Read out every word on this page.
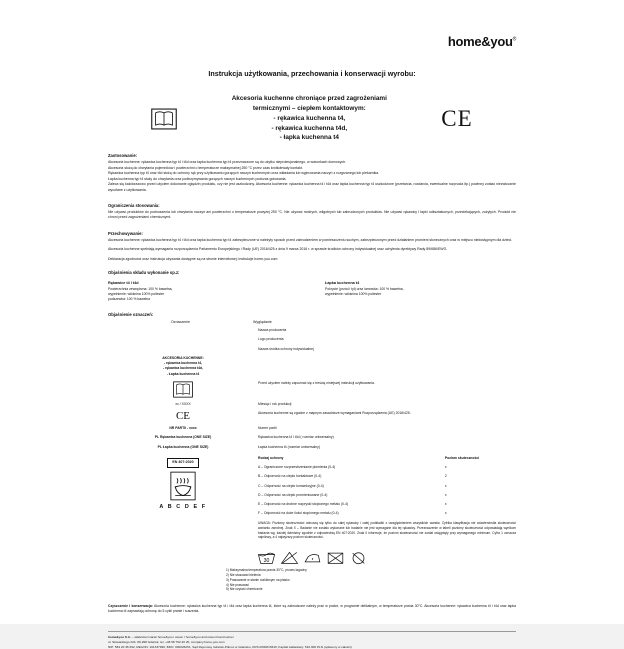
home&you®
Instrukcja użytkowania, przechowania i konserwacji wyrobu:
Akcesoria kuchenne chroniące przed zagrożeniami
termicznymi – ciepłem kontaktowym:
- rękawica kuchenna t4,
- rękawica kuchenna t4d,
- łapka kuchenna t4
CE
Zastosowanie:
Akcesoria kuchenne: rękawica kuchenna typ t4 i t4d oraz łapka kuchenna typ t4 przeznaczone są do użytku nieprołesjonalnego, w warunkach domowych.
Akcesoria służą do chwytania pojemników i powierzchni o temperaturze maksymalnej 250 °C przez czas krótkotrwały kontakt.
Rękawica kuchenna typ t4 oraz t4d służą do ochrony rąk przy użytkowaniu gorących naczyń kuchennych oraz wkładania lub wyjmowania naczyń z rozgrzanego lub piekarnika.
Łapka kuchenna typ t4 służy do chwytania oraz podtrzymywania gorących naczyń kuchennych podczas gotowania.
Zaleca się każdorazowo przed użyciem dokonanie oględzin produktu, czy nie jest uszkodzony. Akcesoria kuchenne: rękawica kuchenna t4 i t4d oraz łapka kuchenna typ t4 uszkodzone (przetarcia, rozdarcia, ewentualne rozprucia itp.) powinny zostać niezwłocznie wycofane z użytkowania.
Ograniczenia stosowania:
Nie używać produktów do podnoszenia lub chwytania naczyń ani powierzchni o temperaturze powyżej 250 °C. Nie używać mokrych, wilgotnych lub zabrudzonych produktów. Nie używać rękawicy i łapki odkształconych, przeciekających, zużytych. Produkt nie chroni przed zagrożeniami chemicznymi.
Przechowywanie:
Akcesoria kuchenne: rękawica kuchenna typ t4 i t4d oraz łapka kuchenna typ t4 zabezpieczone w należyty sposob przed zabrudzeniem w pomieszczeniu suchym, zabezpieczonym przed działaniem promieni słonecznych oraz w miejscu niedostępnym dla dzieci.
Akcesoria kuchenne spełniają wymagania rozporządzenia Parlamentu Europejskiego i Rady (UE) 2016/425 z dnia 9 marca 2016 r. w sprawie środków ochrony indywidualnej oraz uchylenia dyrektywy Rady 89/686/EWG.
Deklaracja zgodności oraz instrukcja używania dostępne są na stronie internetowej: instrukcje.home-you.com
Objaśnienia składu wykonanie sp.z:
Rękawice t4 i t4d
Powierzchnia zewnętrzna: 100 % bawełna,
wypełnienie: włóknina 100% poliester
podszewka: 100 % bawełna
Łapka kuchenna t4
Pokrycie (przód i tył) oraz lamowka: 100 % bawełna,
wypełnienie: włóknina 100% poliester
Objaśnienie oznaczeń:
Oznaczenie	Wyglądanie
	Nazwa producenta
	Logo producenta
	Nazwa środka ochrony indywidualnej

AKCESORIA KUCHENNE:
- rękawica kuchenna t4,
- rękawica kuchenna t4d,
- Łapka kuchenna t4

	Przed użyciem należy zapoznać się z treścią niniejszej instrukcji użytkowania.

xx / XXXX	Miesiąc i rok produkcji

CE	Akcesoria kuchenne są zgodne z mapnym zasadnicze wymaganiami Rozporządzenia (UE) 2016/425.

NR PARTII - xxxx	Numer partii

PL Rękawica kuchenna (ONE SIZE)	Rękawica kuchenna t4 i t4d ( rozmiar uniwersalny)

PL Łapka kuchenna (ONE SIZE)	Łapka kuchenna t4 (rozmiar uniwersalny)

EN 407:2020
A B C D E F

Rodzaj ochrony	Poziom skuteczności
A – Ograniczone rozprzestrzenianie płomienia (0-4)	x
B – Odporność na ciepło kontaktowe (0-4)	2
C – Odporność na ciepło konwekcyjne (0-4)	x
D – Odporność na ciepło promieniowane (0-4)	x
E – Odporność na drobne rozpryski stopionego metalu (0-4)	x
F – Odporność na duże ilości stopionego metalu (0-4)	x
UWAGA: Poziomy skuteczności odnoszą się tylko do całej rękawicy i całej podkładki z uwzględnieniem wszystkich warstw. Cyfrika klasyfikacja nie odzwierciedla skuteczności wariantu zwrotnej. Znak X – Badanie nie zostało wykonane lub badanie nie jest wymagane dla tej rękawicy. Przeznaczenie w tabeli poziomy skuteczności odpowiadają wynikom badania wg. każdej dziedziny zgodnie z odpowiednią EN 407:2020. Znak 0 informuje, że poziom skuteczności nie został osiągnięty przy wymaganego minimum. Cyfra 1 oznacza najniższy, a 4 najwyższy poziom skuteczności.
30
1) Maksymalna temperatura prania 30°C, proces łagodny
2) Nie stosować bielenia
3) Prasowanie w stanie rozklłonym na płasko
4) Nie prasować
5) Nie czyścić chemicznie
Czyszczenie i konserwacja: Akcesoria kuchenne: rękawica kuchenna typ t4 i t4d oraz łapka kuchenna t4, które są zabrudzone należy prać w pralce, w programie delikatnym, w temperaturze prania 30°C. Akcesoria kuchenne: rękawica kuchenna t4 i t4d oraz łapka kuchenna t4 zaprawiają ochronę do 5 cykli pranie i suszenia.
home&you S.A. – właściciel marek home&you i ossen / home&you and ossen brand owner
ul. Słowackiego 224, 80-298 Gdańsk, tel. +48 58 762 20 20, company.home-you.com
NIP: 584 20 36 692, REGON: 191337990, BDO: 000026251, Sąd Rejonowy Gdańsk-Północ w Gdańsku, KRS 0000015349, Kapitał zakładowy: 510.000 PLN (opłacony w całości)
